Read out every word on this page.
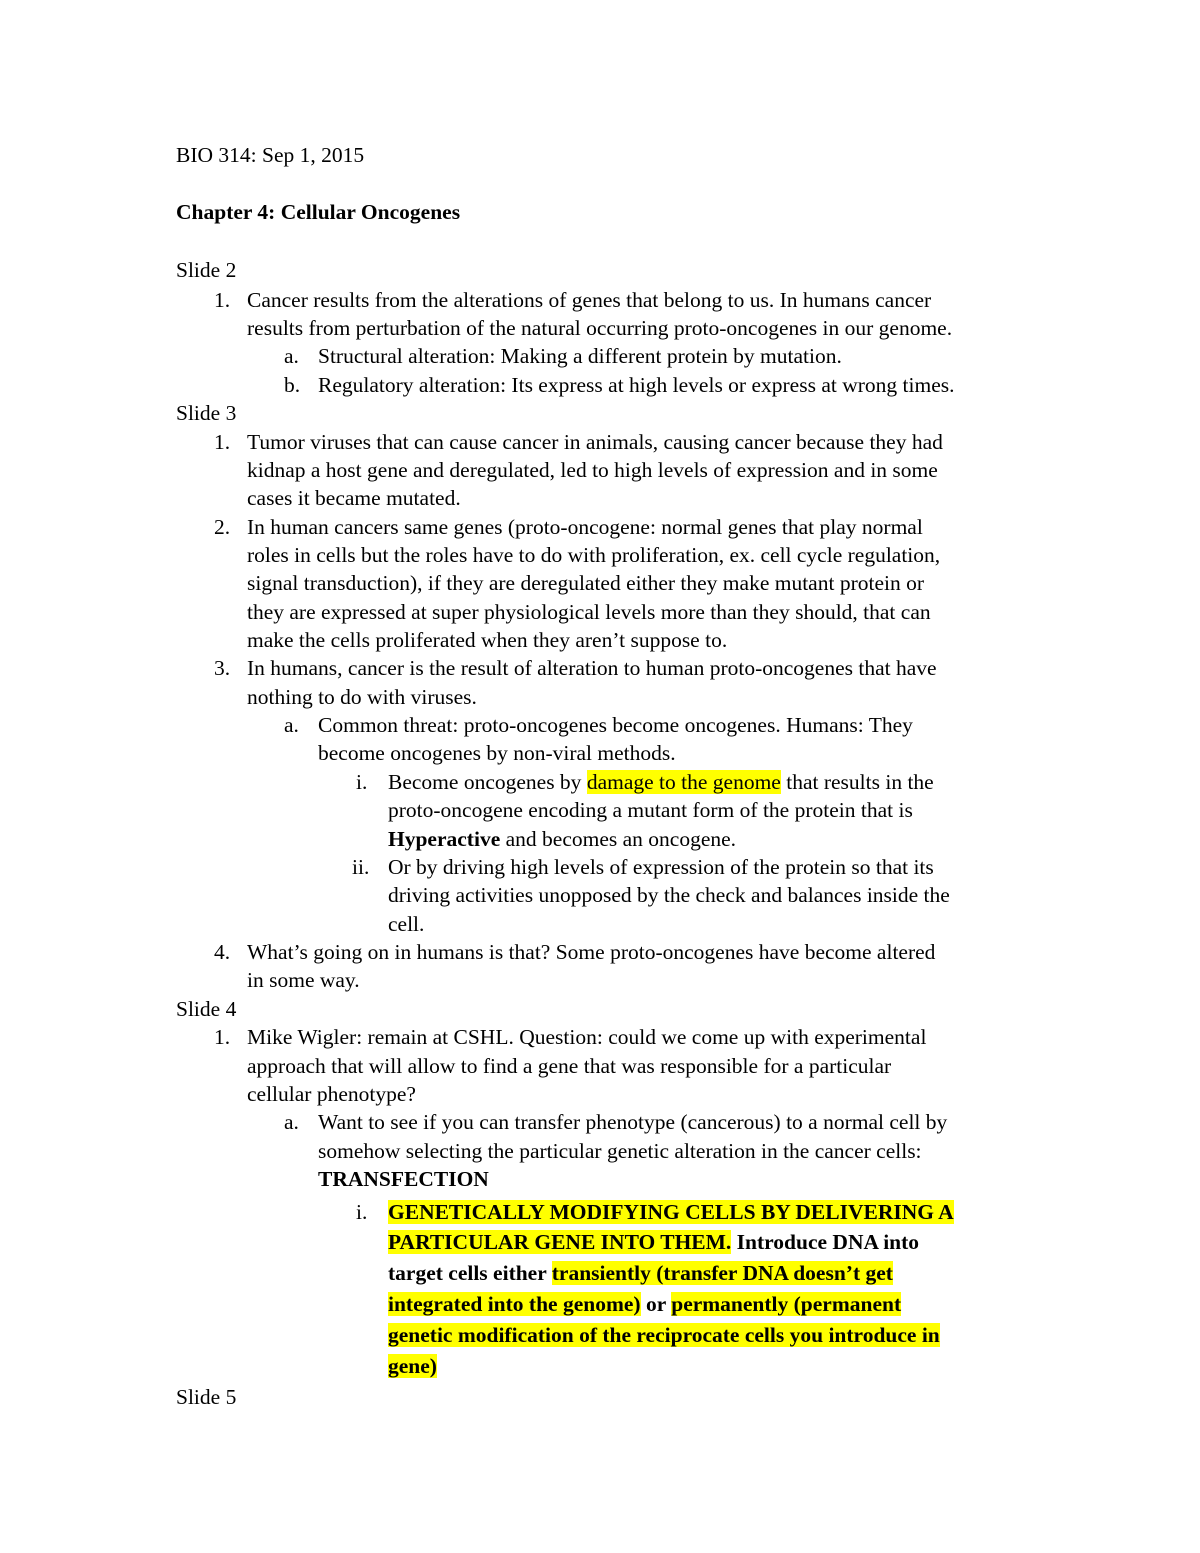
BIO 314: Sep 1, 2015
Chapter 4: Cellular Oncogenes
Slide 2
1. Cancer results from the alterations of genes that belong to us. In humans cancer
results from perturbation of the natural occurring proto-oncogenes in our genome.
a. Structural alteration: Making a different protein by mutation.
b. Regulatory alteration: Its express at high levels or express at wrong times.
Slide 3
1. Tumor viruses that can cause cancer in animals, causing cancer because they had
kidnap a host gene and deregulated, led to high levels of expression and in some
cases it became mutated.
2. In human cancers same genes (proto-oncogene: normal genes that play normal
roles in cells but the roles have to do with proliferation, ex. cell cycle regulation,
signal transduction), if they are deregulated either they make mutant protein or
they are expressed at super physiological levels more than they should, that can
make the cells proliferated when they aren’t suppose to.
3. In humans, cancer is the result of alteration to human proto-oncogenes that have
nothing to do with viruses.
a. Common threat: proto-oncogenes become oncogenes. Humans: They
become oncogenes by non-viral methods.
i. Become oncogenes by damage to the genome that results in the
proto-oncogene encoding a mutant form of the protein that is
Hyperactive and becomes an oncogene.
ii. Or by driving high levels of expression of the protein so that its
driving activities unopposed by the check and balances inside the
cell.
4. What’s going on in humans is that? Some proto-oncogenes have become altered
in some way.
Slide 4
1. Mike Wigler: remain at CSHL. Question: could we come up with experimental
approach that will allow to find a gene that was responsible for a particular
cellular phenotype?
a. Want to see if you can transfer phenotype (cancerous) to a normal cell by
somehow selecting the particular genetic alteration in the cancer cells:
TRANSFECTION
i. GENETICALLY MODIFYING CELLS BY DELIVERING A
PARTICULAR GENE INTO THEM. Introduce DNA into
target cells either transiently (transfer DNA doesn’t get
integrated into the genome) or permanently (permanent
genetic modification of the reciprocate cells you introduce in
gene)
Slide 5
